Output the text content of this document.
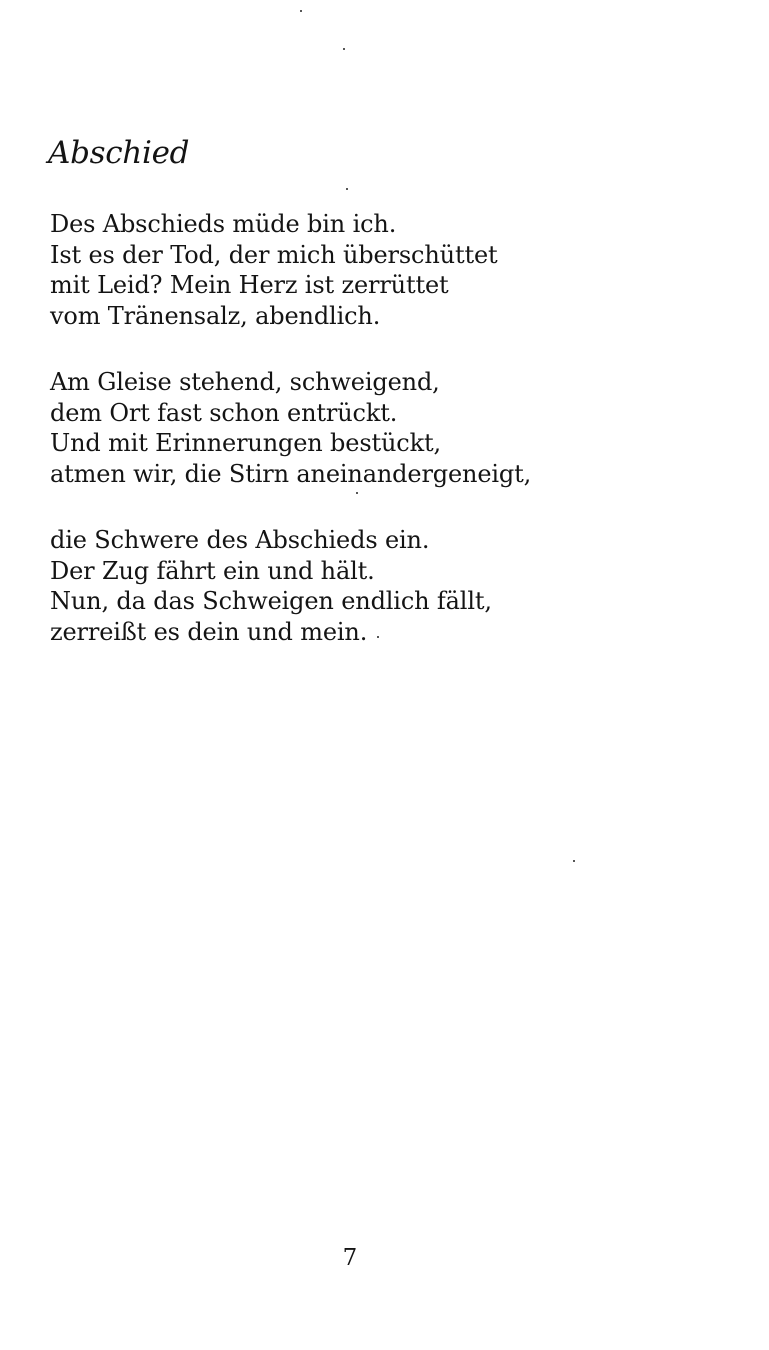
Abschied

Des Abschieds müde bin ich.
Ist es der Tod, der mich überschüttet
mit Leid? Mein Herz ist zerrüttet
vom Tränensalz, abendlich.

Am Gleise stehend, schweigend,
dem Ort fast schon entrückt.
Und mit Erinnerungen bestückt,
atmen wir, die Stirn aneinandergeneigt,

die Schwere des Abschieds ein.
Der Zug fährt ein und hält.
Nun, da das Schweigen endlich fällt,
zerreißt es dein und mein.

7
